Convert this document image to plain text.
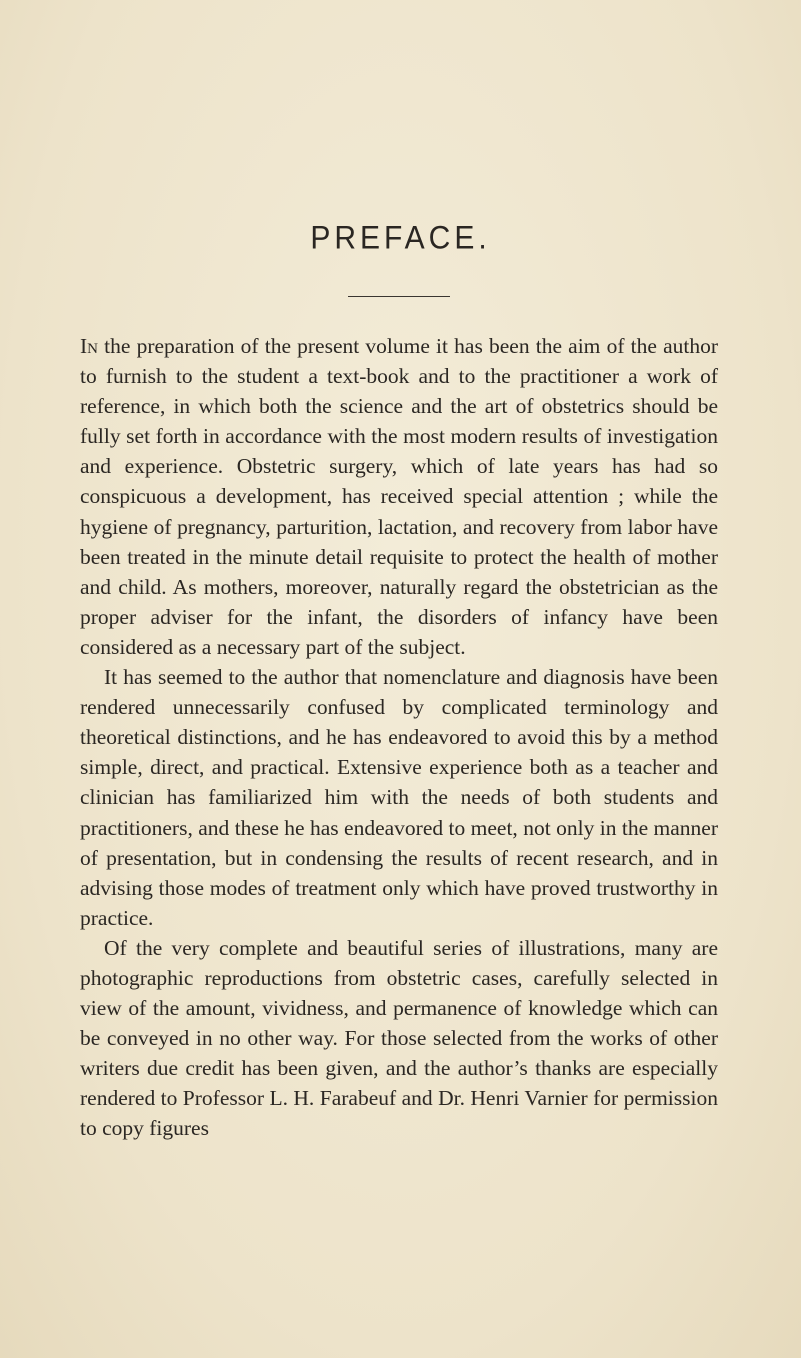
PREFACE.

In the preparation of the present volume it has been the aim of the author to furnish to the student a text-book and to the practitioner a work of reference, in which both the science and the art of obstetrics should be fully set forth in accordance with the most modern results of investigation and experience. Obstetric surgery, which of late years has had so conspicuous a development, has received special attention ; while the hygiene of pregnancy, parturition, lactation, and recovery from labor have been treated in the minute detail requisite to protect the health of mother and child. As mothers, moreover, naturally regard the obstetrician as the proper adviser for the infant, the disorders of infancy have been considered as a necessary part of the subject.

It has seemed to the author that nomenclature and diagnosis have been rendered unnecessarily confused by complicated terminology and theoretical distinctions, and he has endeavored to avoid this by a method simple, direct, and practical. Extensive experience both as a teacher and clinician has familiarized him with the needs of both students and practitioners, and these he has endeavored to meet, not only in the manner of presentation, but in condensing the results of recent research, and in advising those modes of treatment only which have proved trustworthy in practice.

Of the very complete and beautiful series of illustrations, many are photographic reproductions from obstetric cases, carefully selected in view of the amount, vividness, and permanence of knowledge which can be conveyed in no other way. For those selected from the works of other writers due credit has been given, and the author’s thanks are especially rendered to Professor L. H. Farabeuf and Dr. Henri Varnier for permission to copy figures
